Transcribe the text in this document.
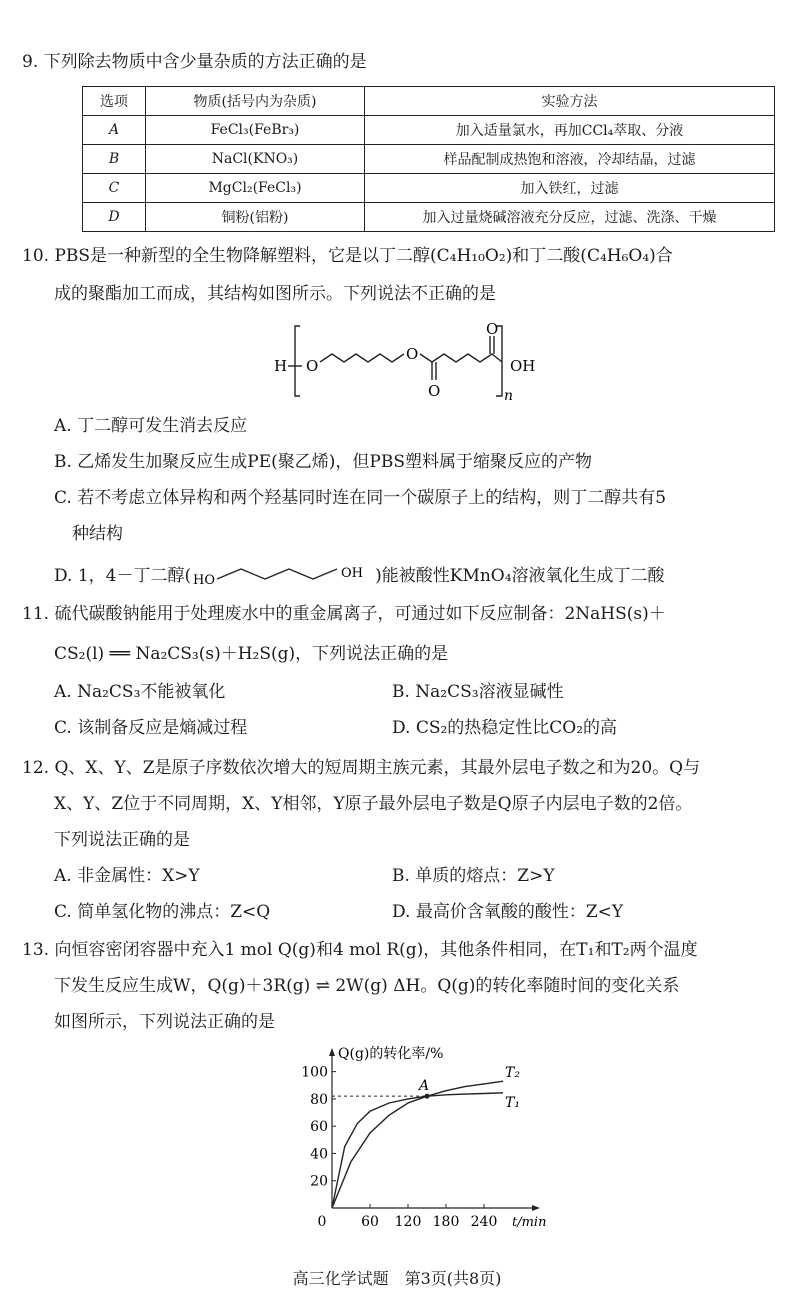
9. 下列除去物质中含少量杂质的方法正确的是
选项	物质(括号内为杂质)	实验方法
A	FeCl₃(FeBr₃)	加入适量氯水，再加CCl₄萃取、分液
B	NaCl(KNO₃)	样品配制成热饱和溶液，冷却结晶，过滤
C	MgCl₂(FeCl₃)	加入铁红，过滤
D	铜粉(铝粉)	加入过量烧碱溶液充分反应，过滤、洗涤、干燥
10. PBS是一种新型的全生物降解塑料，它是以丁二醇(C₄H₁₀O₂)和丁二酸(C₄H₆O₄)合
成的聚酯加工而成，其结构如图所示。下列说法不正确的是
H O
O
O
O
OH
n
A. 丁二醇可发生消去反应
B. 乙烯发生加聚反应生成PE(聚乙烯)，但PBS塑料属于缩聚反应的产物
C. 若不考虑立体异构和两个羟基同时连在同一个碳原子上的结构，则丁二醇共有5
种结构
D. 1，4－丁二醇( HO	OH )能被酸性KMnO₄溶液氧化生成丁二酸
11. 硫代碳酸钠能用于处理废水中的重金属离子，可通过如下反应制备：2NaHS(s)＋
CS₂(l) ══ Na₂CS₃(s)＋H₂S(g)，下列说法正确的是
A. Na₂CS₃不能被氧化	B. Na₂CS₃溶液显碱性
C. 该制备反应是熵减过程	D. CS₂的热稳定性比CO₂的高
12. Q、X、Y、Z是原子序数依次增大的短周期主族元素，其最外层电子数之和为20。Q与
X、Y、Z位于不同周期，X、Y相邻，Y原子最外层电子数是Q原子内层电子数的2倍。
下列说法正确的是
A. 非金属性：X>Y	B. 单质的熔点：Z>Y
C. 简单氢化物的沸点：Z<Q	D. 最高价含氧酸的酸性：Z<Y
13. 向恒容密闭容器中充入1 mol Q(g)和4 mol R(g)，其他条件相同，在T₁和T₂两个温度
下发生反应生成W，Q(g)＋3R(g) ⇌ 2W(g) ΔH。Q(g)的转化率随时间的变化关系
如图所示，下列说法正确的是
Q(g)的转化率/%
t/min
20
40
60
80
100
0 60 120 180 240
T₂
T₁
A
高三化学试题　第3页(共8页)
